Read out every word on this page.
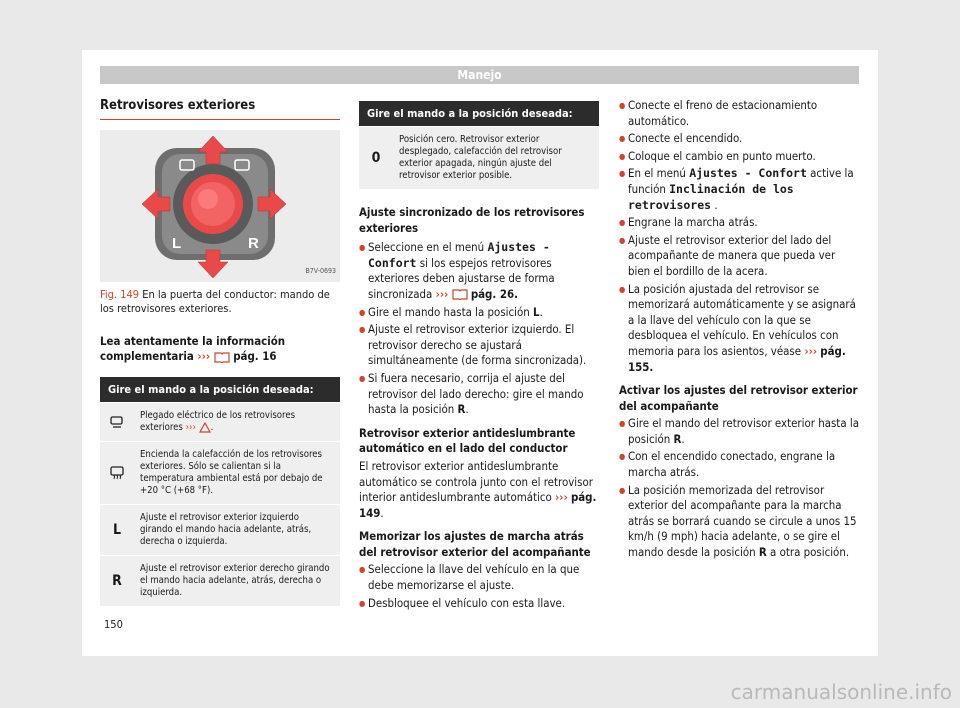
Manejo
Retrovisores exteriores
L	R
B7V-0693
Fig. 149 En la puerta del conductor: mando de los retrovisores exteriores.
Lea atentamente la información complementaria ››› pág. 16
Gire el mando a la posición deseada:
Plegado eléctrico de los retrovisores exteriores ››› .
Encienda la calefacción de los retrovisores exteriores. Sólo se calientan si la temperatura ambiental está por debajo de +20 °C (+68 °F).
L
Ajuste el retrovisor exterior izquierdo girando el mando hacia adelante, atrás, derecha o izquierda.
R
Ajuste el retrovisor exterior derecho girando el mando hacia adelante, atrás, derecha o izquierda.
Gire el mando a la posición deseada:
0
Posición cero. Retrovisor exterior desplegado, calefacción del retrovisor exterior apagada, ningún ajuste del retrovisor exterior posible.
Ajuste sincronizado de los retrovisores exteriores
● Seleccione en el menú Ajustes - Confort si los espejos retrovisores exteriores deben ajustarse de forma sincronizada ››› pág. 26.
● Gire el mando hasta la posición L.
● Ajuste el retrovisor exterior izquierdo. El retrovisor derecho se ajustará simultáneamente (de forma sincronizada).
● Si fuera necesario, corrija el ajuste del retrovisor del lado derecho: gire el mando hasta la posición R.
Retrovisor exterior antideslumbrante automático en el lado del conductor
El retrovisor exterior antideslumbrante automático se controla junto con el retrovisor interior antideslumbrante automático ››› pág. 149.
Memorizar los ajustes de marcha atrás del retrovisor exterior del acompañante
● Seleccione la llave del vehículo en la que debe memorizarse el ajuste.
● Desbloquee el vehículo con esta llave.
● Conecte el freno de estacionamiento automático.
● Conecte el encendido.
● Coloque el cambio en punto muerto.
● En el menú Ajustes - Confort active la función Inclinación de los retrovisores .
● Engrane la marcha atrás.
● Ajuste el retrovisor exterior del lado del acompañante de manera que pueda ver bien el bordillo de la acera.
● La posición ajustada del retrovisor se memorizará automáticamente y se asignará a la llave del vehículo con la que se desbloquea el vehículo. En vehículos con memoria para los asientos, véase ››› pág. 155.
Activar los ajustes del retrovisor exterior del acompañante
● Gire el mando del retrovisor exterior hasta la posición R.
● Con el encendido conectado, engrane la marcha atrás.
● La posición memorizada del retrovisor exterior del acompañante para la marcha atrás se borrará cuando se circule a unos 15 km/h (9 mph) hacia adelante, o se gire el mando desde la posición R a otra posición.
150
carmanualsonline.info
